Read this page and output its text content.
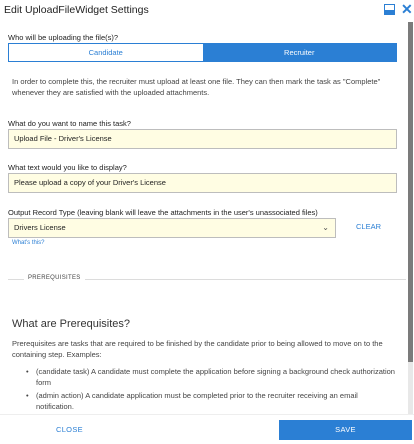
Edit UploadFileWidget Settings	✕
Who will be uploading the file(s)?
Candidate	Recruiter
In order to complete this, the recruiter must upload at least one file. They can then mark the task as "Complete" whenever they are satisfied with the uploaded attachments.
What do you want to name this task?
Upload File - Driver's License
What text would you like to display?
Please upload a copy of your Driver's License
Output Record Type (leaving blank will leave the attachments in the user's unassociated files)
Drivers License	⌄	CLEAR
What's this?
PREREQUISITES
What are Prerequisites?
Prerequisites are tasks that are required to be finished by the candidate prior to being allowed to move on to the containing step. Examples:
• (candidate task) A candidate must complete the application before signing a background check authorization form
• (admin action) A candidate application must be completed prior to the recruiter receiving an email notification.
CLOSE	SAVE
